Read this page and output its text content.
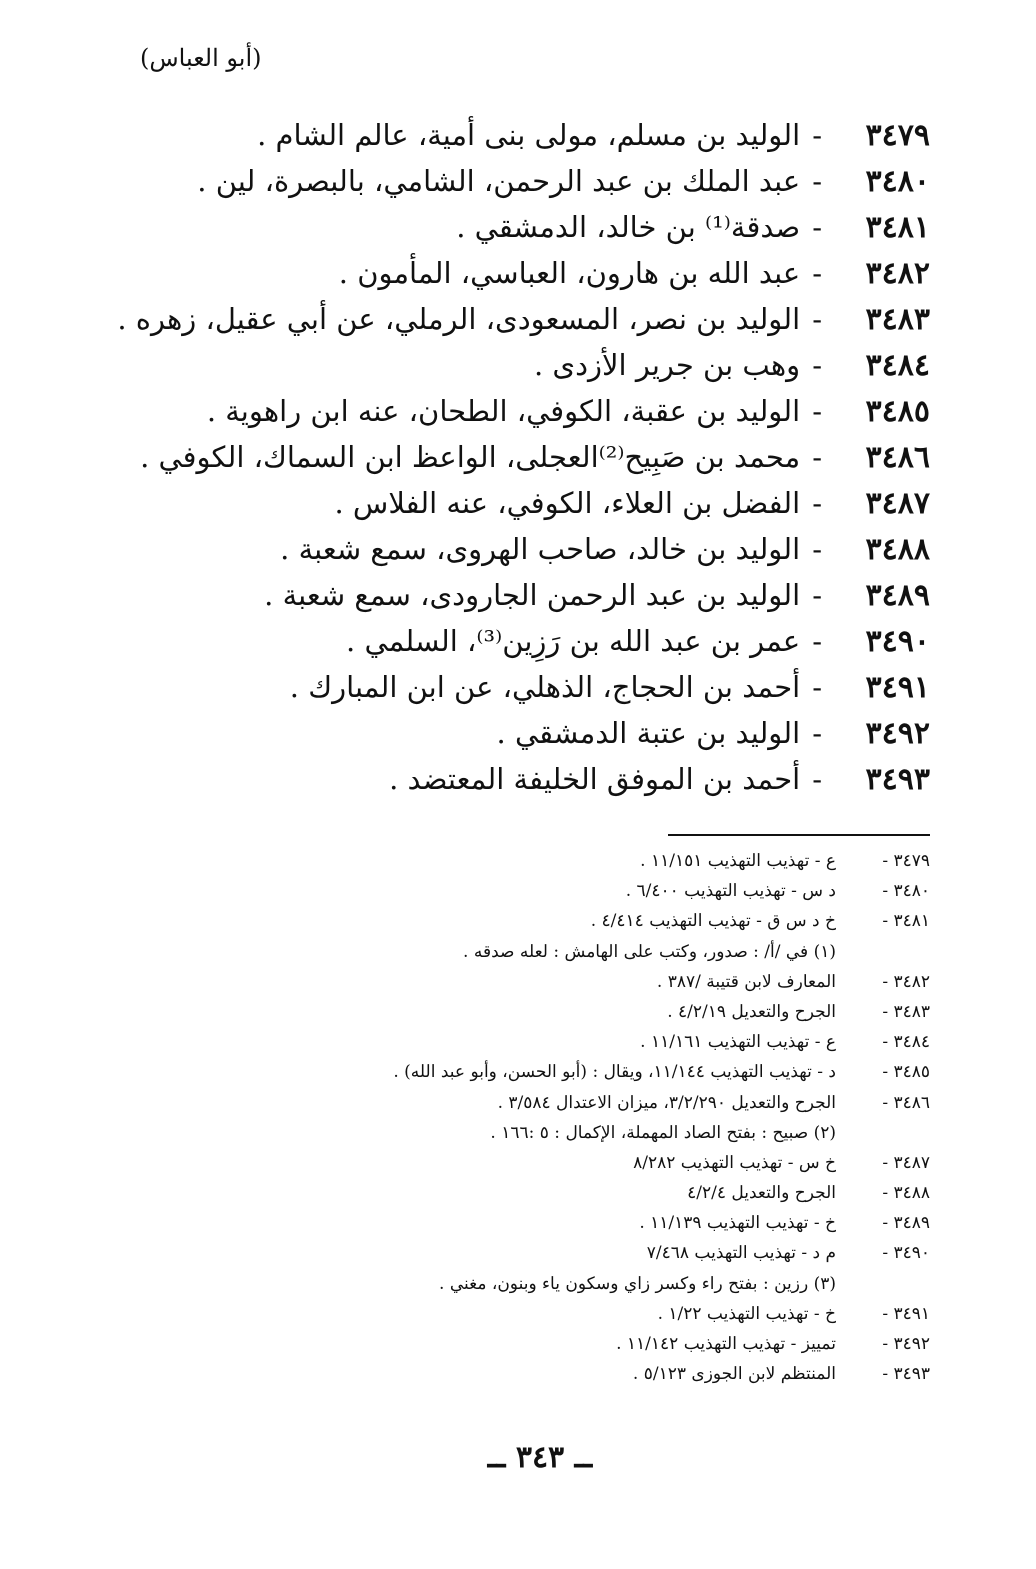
(أبو العباس)
٣٤٧٩-الوليد بن مسلم، مولى بنى أمية، عالم الشام .
٣٤٨٠-عبد الملك بن عبد الرحمن، الشامي، بالبصرة، لين .
٣٤٨١-صدقة⁽¹⁾ بن خالد، الدمشقي .
٣٤٨٢-عبد الله بن هارون، العباسي، المأمون .
٣٤٨٣-الوليد بن نصر، المسعودى، الرملي، عن أبي عقيل، زهره .
٣٤٨٤-وهب بن جرير الأزدى .
٣٤٨٥-الوليد بن عقبة، الكوفي، الطحان، عنه ابن راهوية .
٣٤٨٦-محمد بن صَبِيح⁽²⁾العجلى، الواعظ ابن السماك، الكوفي .
٣٤٨٧-الفضل بن العلاء، الكوفي، عنه الفلاس .
٣٤٨٨-الوليد بن خالد، صاحب الهروى، سمع شعبة .
٣٤٨٩-الوليد بن عبد الرحمن الجارودى، سمع شعبة .
٣٤٩٠-عمر بن عبد الله بن رَزِين⁽³⁾، السلمي .
٣٤٩١-أحمد بن الحجاج، الذهلي، عن ابن المبارك .
٣٤٩٢-الوليد بن عتبة الدمشقي .
٣٤٩٣-أحمد بن الموفق الخليفة المعتضد .
٣٤٧٩ -ع - تهذيب التهذيب ١١/١٥١ .
٣٤٨٠ -د س - تهذيب التهذيب ٦/٤٠٠ .
٣٤٨١ -خ د س ق - تهذيب التهذيب ٤/٤١٤ .
(١) في /أ/ : صدور، وكتب على الهامش : لعله صدقه .
٣٤٨٢ -المعارف لابن قتيبة /٣٨٧ .
٣٤٨٣ -الجرح والتعديل ٤/٢/١٩ .
٣٤٨٤ -ع - تهذيب التهذيب ١١/١٦١ .
٣٤٨٥ -د - تهذيب التهذيب ١١/١٤٤، ويقال : (أبو الحسن، وأبو عبد الله) .
٣٤٨٦ -الجرح والتعديل ٣/٢/٢٩٠، ميزان الاعتدال ٣/٥٨٤ .
(٢) صبيح : بفتح الصاد المهملة، الإكمال : ٥ :١٦٦ .
٣٤٨٧ -خ س - تهذيب التهذيب ٨/٢٨٢
٣٤٨٨ -الجرح والتعديل ٤/٢/٤
٣٤٨٩ -خ - تهذيب التهذيب ١١/١٣٩ .
٣٤٩٠ -م د - تهذيب التهذيب ٧/٤٦٨
(٣) رزين : بفتح راء وكسر زاي وسكون ياء وبنون، مغني .
٣٤٩١ -خ - تهذيب التهذيب ١/٢٢ .
٣٤٩٢ -تمييز - تهذيب التهذيب ١١/١٤٢ .
٣٤٩٣ -المنتظم لابن الجوزى ٥/١٢٣ .
ــ ٣٤٣ ــ
